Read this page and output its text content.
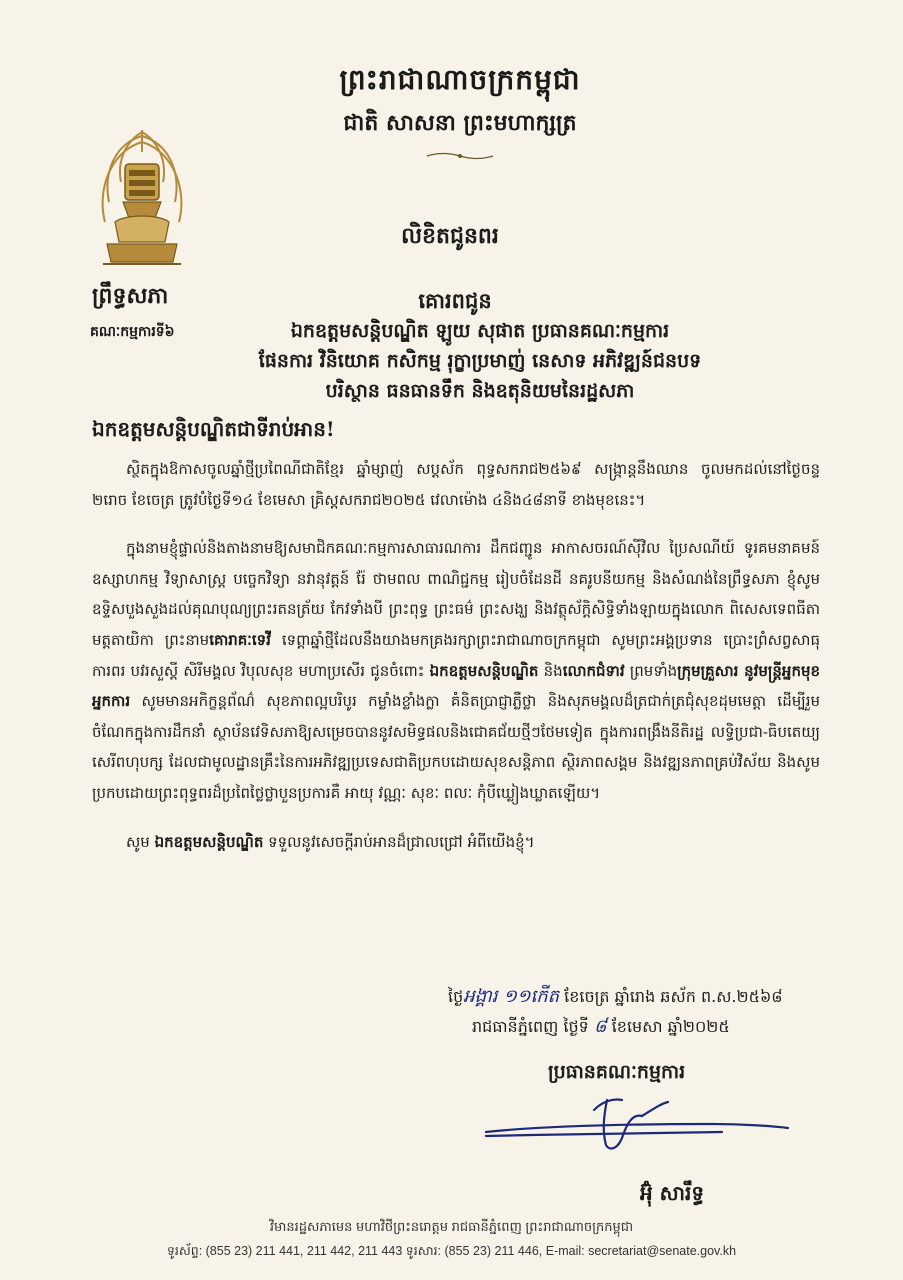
ព្រះរាជាណាចក្រកម្ពុជា
ជាតិ សាសនា ព្រះមហាក្សត្រ
ព្រឹទ្ធសភា
គណៈកម្មការទី៦
លិខិតជូនពរ
គោរពជូន
ឯកឧត្តមសន្តិបណ្ឌិត ឡូយ សុផាត ប្រធានគណៈកម្មការ
ផែនការ វិនិយោគ កសិកម្ម រុក្ខាប្រមាញ់ នេសាទ អភិវឌ្ឍន៍ជនបទ
បរិស្ថាន ធនធានទឹក និងឧតុនិយមនៃរដ្ឋសភា
ឯកឧត្តមសន្តិបណ្ឌិតជាទីរាប់អាន!

ស្ថិតក្នុងឱកាសចូលឆ្នាំថ្មីប្រពៃណីជាតិខ្មែរ ឆ្នាំម្សាញ់ សប្តស័ក ពុទ្ធសករាជ២៥៦៩ សង្ក្រាន្តនឹងឈាន ចូលមកដល់នៅថ្ងៃចន្ទ ២រោច ខែចេត្រ ត្រូវបំថ្ងៃទី១៤ ខែមេសា គ្រិស្តសករាជ២០២៥ វេលាម៉ោង ៤និង៤៨នាទី ខាងមុខនេះ។

ក្នុងនាមខ្ញុំផ្ទាល់និងតាងនាមឱ្យសមាជិកគណៈកម្មការសាធារណការ ដឹកជញ្ជូន អាកាសចរណ៍ស៊ីវិល ប្រៃសណីយ៍ ទូរគមនាគមន៍ ឧស្សាហកម្ម វិទ្យាសាស្ត្រ បច្ចេកវិទ្យា នវានុវត្តន៍ រ៉ែ ថាមពល ពាណិជ្ជកម្ម រៀបចំដែនដី នគរូបនីយកម្ម និងសំណង់នៃព្រឹទ្ធសភា ខ្ញុំសូមឧទ្ទិសបួងសួងដល់គុណបុណ្យព្រះរតនត្រ័យ កែវទាំងបី ព្រះពុទ្ធ ព្រះធម៌ ព្រះសង្ឃ និងវត្ថុស័ក្តិសិទ្ធិទាំងឡាយក្នុងលោក ពិសេសទេពធីតាមត្តតាយិកា ព្រះនាមគោរាគៈទេវី ទេព្ដាឆ្នាំថ្មីដែលនឹងយាងមកគ្រងរក្សាព្រះរាជាណាចក្រកម្ពុជា សូមព្រះអង្គប្រទាន ប្រោះព្រំសព្វសាធុការពរ បវរសួស្តី សិរីមង្គល វិបុលសុខ មហាប្រសើរ ជូនចំពោះ ឯកឧត្តមសន្តិបណ្ឌិត និងលោកជំទាវ ព្រមទាំងក្រុមគ្រួសារ នូវមន្ត្រីអ្នកមុខអ្នកការ សូមមានអកិក្ខន្ដព័ណ៌ សុខភាពល្អបរិបូរ កម្លាំងខ្លាំងក្លា គំនិតប្រាជ្ញាភ្លឺថ្លា និងសុភមង្គលដ៏ត្រជាក់ត្រជុំសុខដុមមេត្តា ដើម្បីរួមចំណែកក្នុងការដឹកនាំ ស្ថាប័នវេទិសភាឱ្យសម្រេចបាននូវសមិទ្ធផលនិងជោគជ័យថ្មីៗថែមទៀត ក្នុងការពង្រឹងនីតិរដ្ឋ លទ្ធិប្រជា-ធិបតេយ្យ សេរីពហុបក្ស ដែលជាមូលដ្ឋានគ្រឹះនៃការអភិវឌ្ឍប្រទេសជាតិប្រកបដោយសុខសន្តិភាព ស្ថិរភាពសង្គម និងវឌ្ឍនភាពគ្រប់វិស័យ និងសូមប្រកបដោយព្រះពុទ្ធពរដ៏ប្រពៃថ្លៃថ្លាបួនប្រការគឺ អាយុ វណ្ណៈ សុខៈ ពលៈ កុំបីឃ្លៀងឃ្លាតឡើយ។

សូម ឯកឧត្តមសន្តិបណ្ឌិត ទទួលនូវសេចក្តីរាប់អានដ៏ជ្រាលជ្រៅ អំពីយើងខ្ញុំ។

ថ្ងៃអង្គារ ១១កើត ខែចេត្រ ឆ្នាំរោង ឆស័ក ព.ស.២៥៦៨
រាជធានីភ្នំពេញ ថ្ងៃទី ៨ ខែមេសា ឆ្នាំ២០២៥
ប្រធានគណៈកម្មការ
អ៊ុំ សារឹទ្ធ
វិមានរដ្ឋសភាមេន មហាវិថីព្រះនរោត្តម រាជធានីភ្នំពេញ ព្រះរាជាណាចក្រកម្ពុជា
ទូរស័ព្ទ: (855 23) 211 441, 211 442, 211 443 ទូរសារ: (855 23) 211 446, E-mail: secretariat@senate.gov.kh
